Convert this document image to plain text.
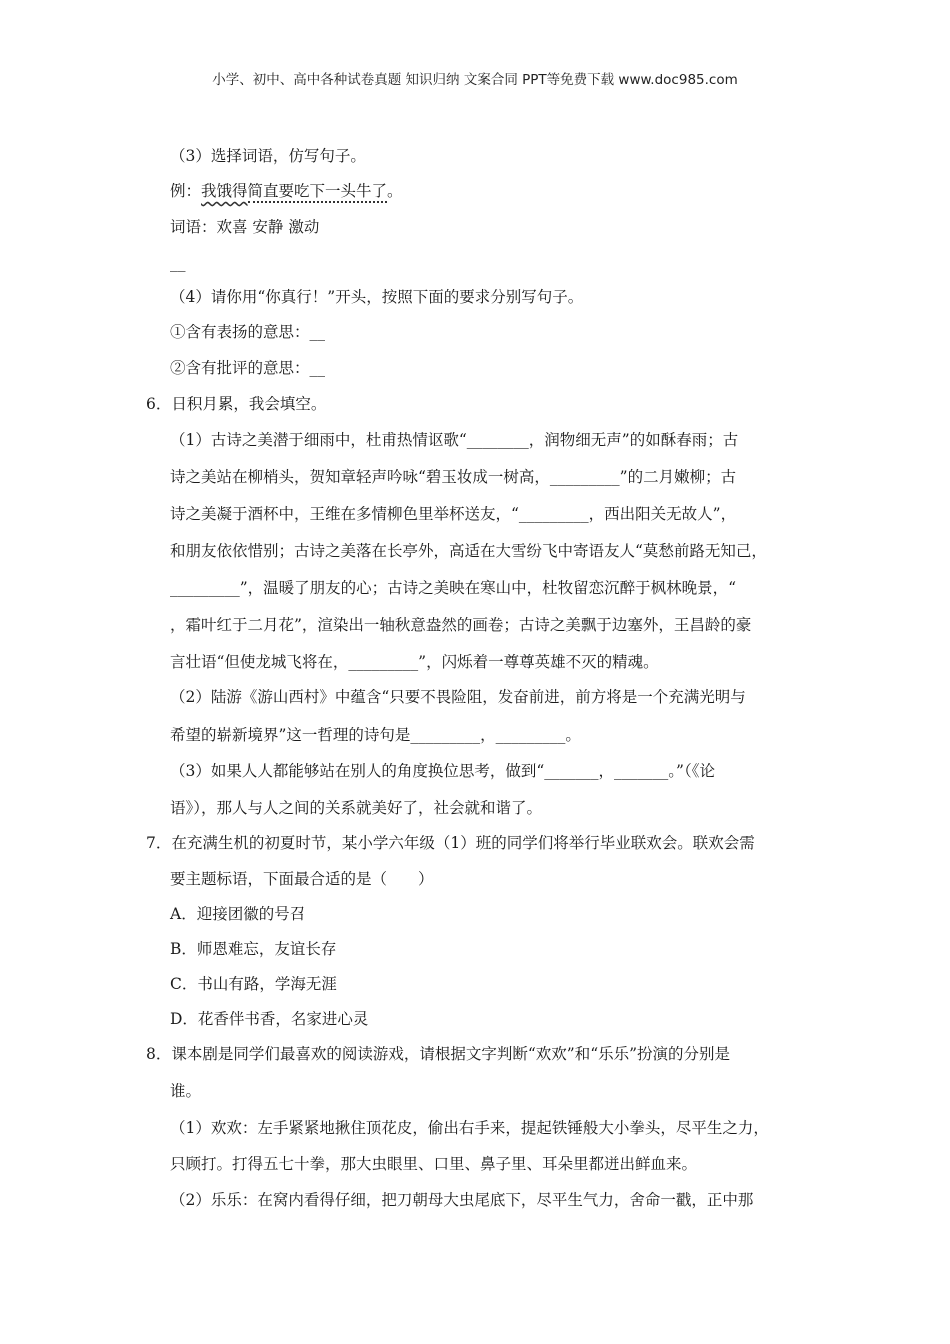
小学、初中、高中各种试卷真题 知识归纳 文案合同 PPT等免费下载 www.doc985.com
（3）选择词语，仿写句子。
例：我饿得简直要吃下一头牛了。
词语：欢喜 安静 激动
__
（4）请你用“你真行！”开头，按照下面的要求分别写句子。
①含有表扬的意思：__
②含有批评的意思：__
6．日积月累，我会填空。
（1）古诗之美潜于细雨中，杜甫热情讴歌“________，润物细无声”的如酥春雨；古
诗之美站在柳梢头，贺知章轻声吟咏“碧玉妆成一树高，_________”的二月嫩柳；古
诗之美凝于酒杯中，王维在多情柳色里举杯送友，“_________，西出阳关无故人”，
和朋友依依惜别；古诗之美落在长亭外，高适在大雪纷飞中寄语友人“莫愁前路无知己，
_________”，温暖了朋友的心；古诗之美映在寒山中，杜牧留恋沉醉于枫林晚景，“
，霜叶红于二月花”，渲染出一轴秋意盎然的画卷；古诗之美飘于边塞外，王昌龄的豪
言壮语“但使龙城飞将在，_________”，闪烁着一尊尊英雄不灭的精魂。
（2）陆游《游山西村》中蕴含“只要不畏险阻，发奋前进，前方将是一个充满光明与
希望的崭新境界”这一哲理的诗句是_________，_________。
（3）如果人人都能够站在别人的角度换位思考，做到“_______，_______。”（《论
语》），那人与人之间的关系就美好了，社会就和谐了。
7．在充满生机的初夏时节，某小学六年级（1）班的同学们将举行毕业联欢会。联欢会需
要主题标语，下面最合适的是（　　）
A．迎接团徽的号召
B．师恩难忘，友谊长存
C．书山有路，学海无涯
D．花香伴书香，名家进心灵
8．课本剧是同学们最喜欢的阅读游戏，请根据文字判断“欢欢”和“乐乐”扮演的分别是
谁。
（1）欢欢：左手紧紧地揪住顶花皮，偷出右手来，提起铁锤般大小拳头，尽平生之力，
只顾打。打得五七十拳，那大虫眼里、口里、鼻子里、耳朵里都迸出鲜血来。
（2）乐乐：在窝内看得仔细，把刀朝母大虫尾底下，尽平生气力，舍命一戳，正中那
